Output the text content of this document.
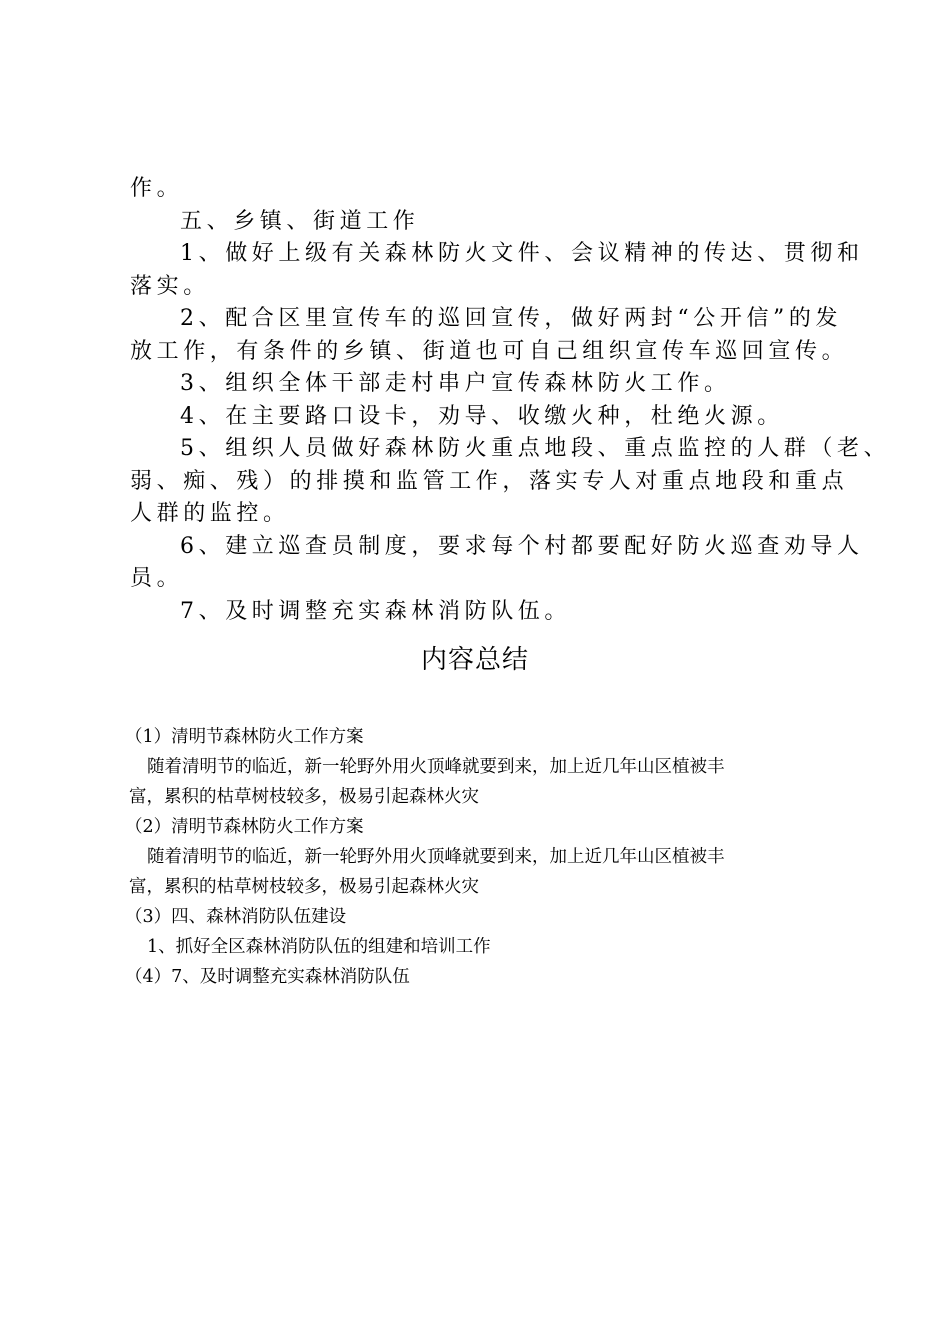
作。

五、乡镇、街道工作

1、做好上级有关森林防火文件、会议精神的传达、贯彻和

落实。

2、配合区里宣传车的巡回宣传，做好两封“公开信”的发

放工作，有条件的乡镇、街道也可自己组织宣传车巡回宣传。

3、组织全体干部走村串户宣传森林防火工作。

4、在主要路口设卡，劝导、收缴火种，杜绝火源。

5、组织人员做好森林防火重点地段、重点监控的人群（老、

弱、痴、残）的排摸和监管工作，落实专人对重点地段和重点

人群的监控。

6、建立巡查员制度，要求每个村都要配好防火巡查劝导人

员。

7、及时调整充实森林消防队伍。

内容总结

（1）清明节森林防火工作方案

随着清明节的临近，新一轮野外用火顶峰就要到来，加上近几年山区植被丰

富，累积的枯草树枝较多，极易引起森林火灾

（2）清明节森林防火工作方案

随着清明节的临近，新一轮野外用火顶峰就要到来，加上近几年山区植被丰

富，累积的枯草树枝较多，极易引起森林火灾

（3）四、森林消防队伍建设

1、抓好全区森林消防队伍的组建和培训工作

（4）7、及时调整充实森林消防队伍
